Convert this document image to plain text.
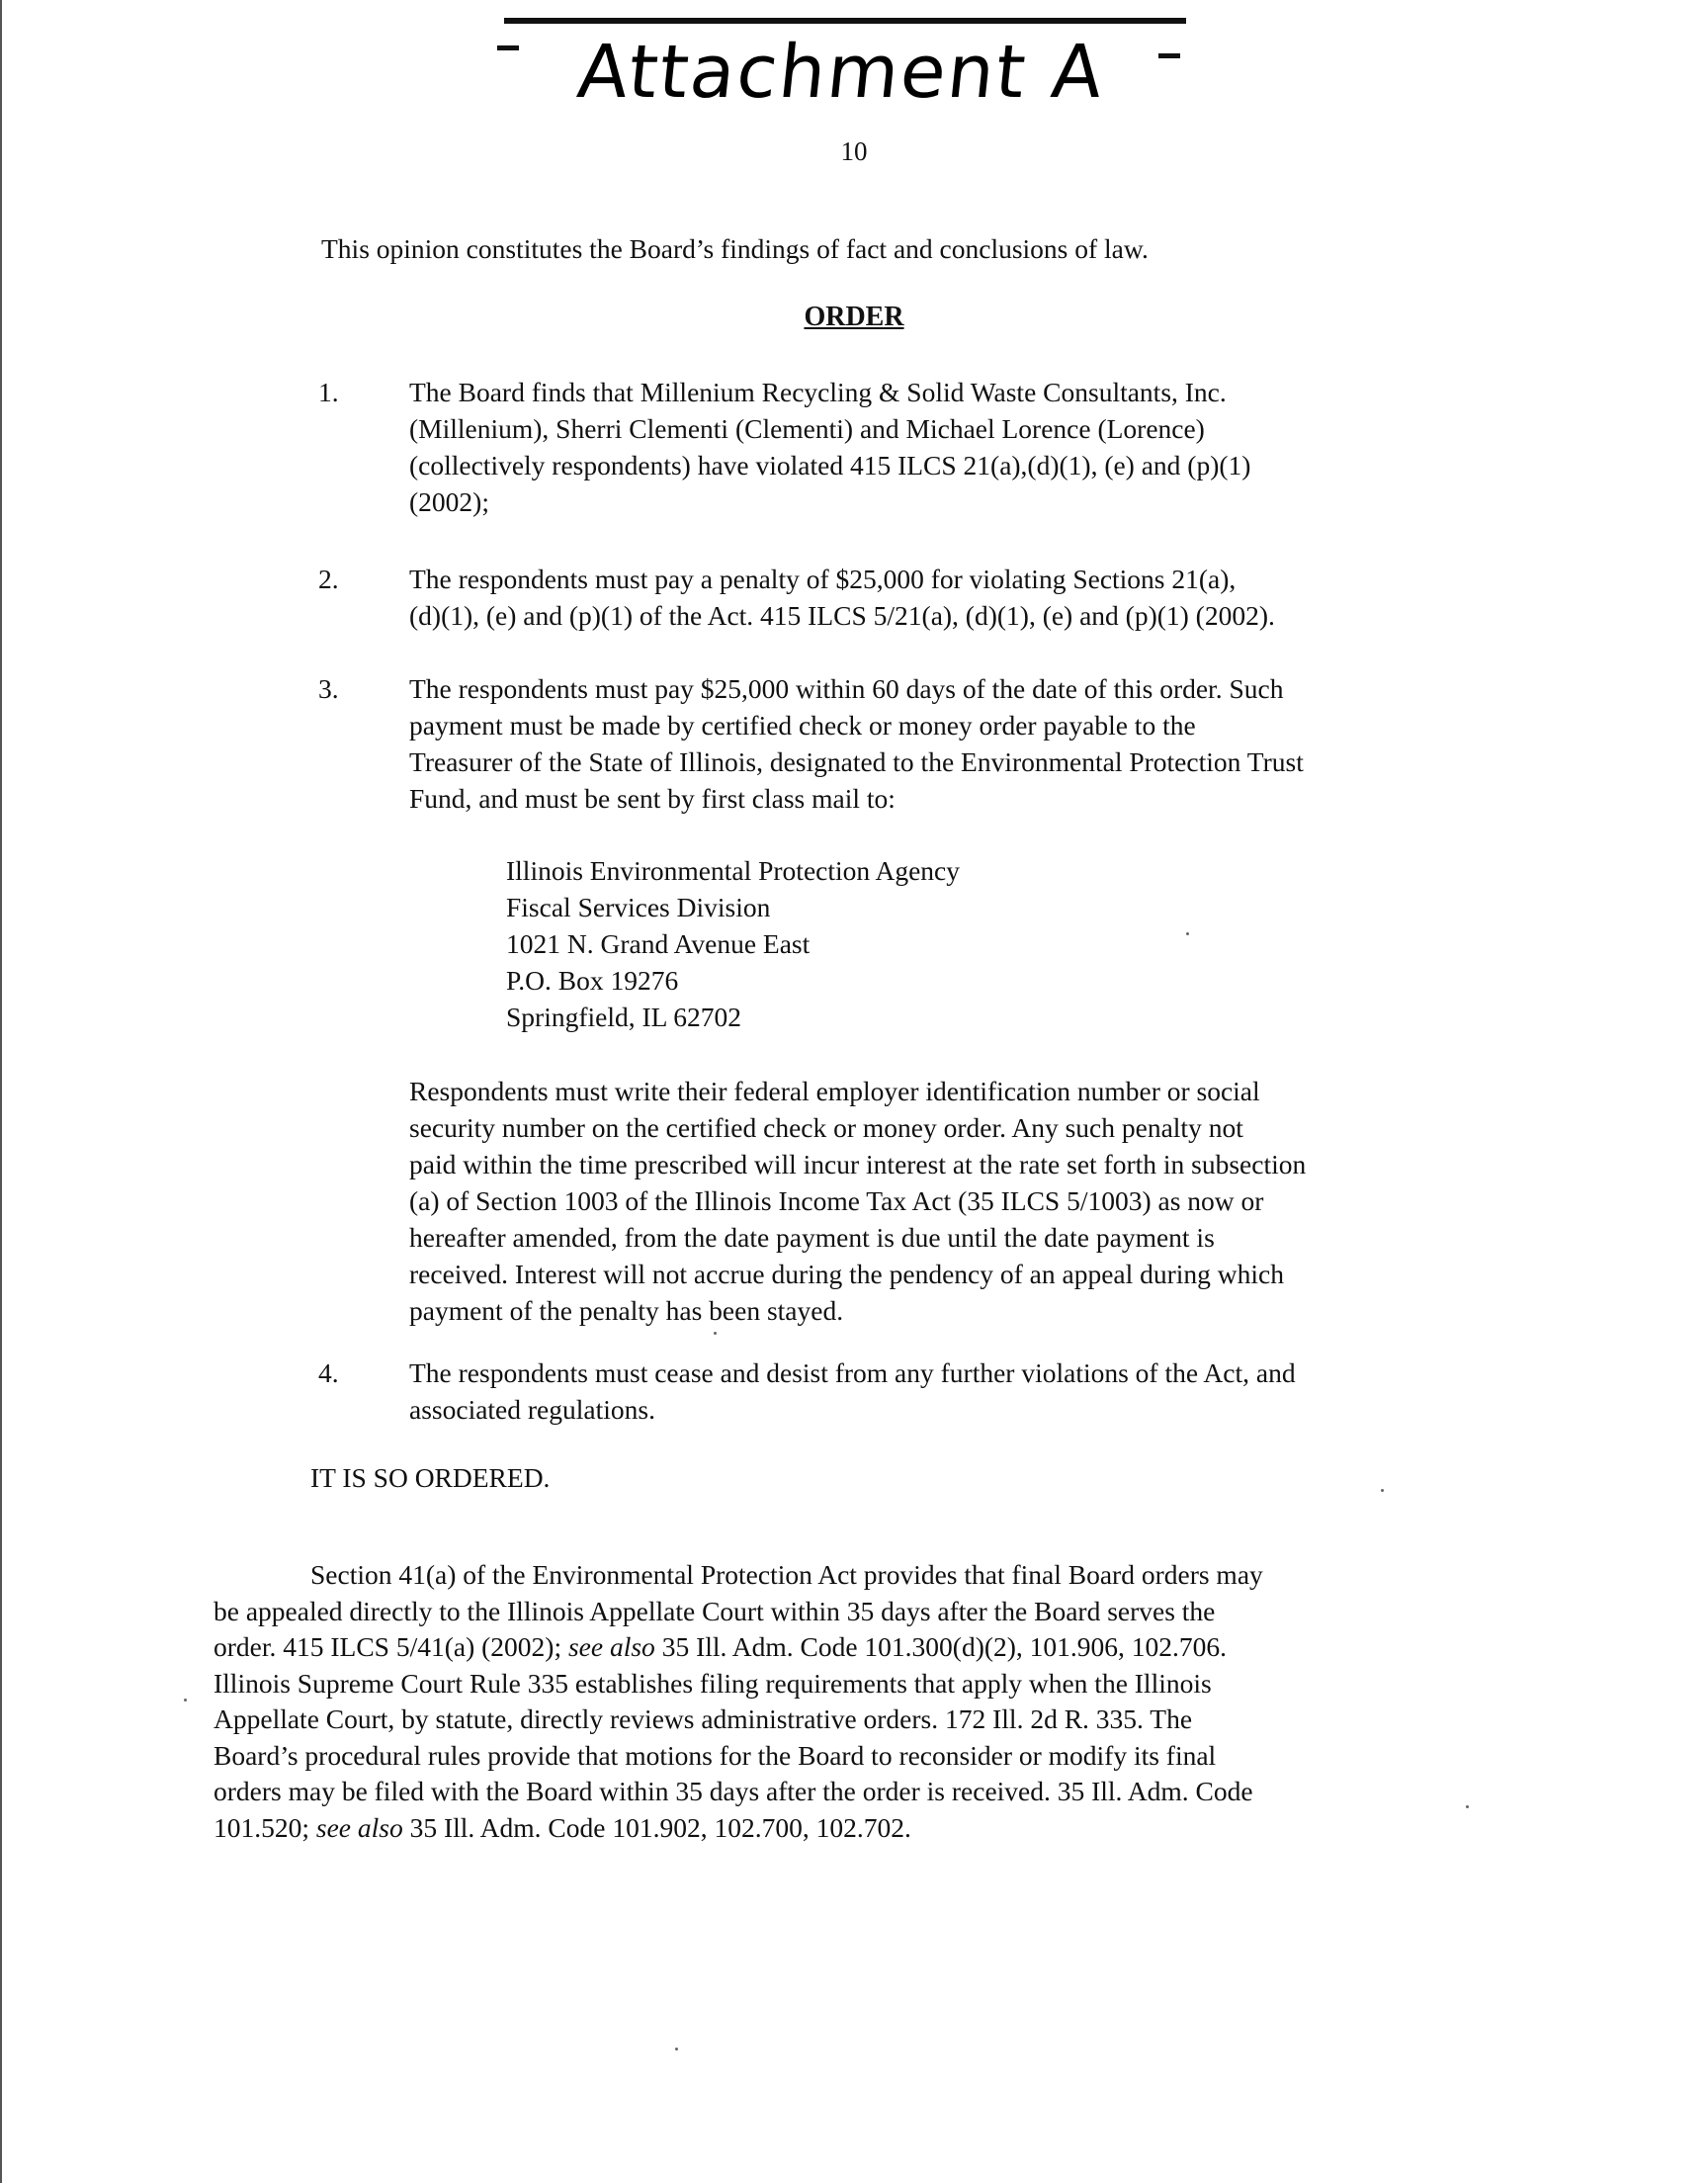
Attachment A
10
This opinion constitutes the Board’s findings of fact and conclusions of law.
ORDER
1.	The Board finds that Millenium Recycling & Solid Waste Consultants, Inc.
(Millenium), Sherri Clementi (Clementi) and Michael Lorence (Lorence)
(collectively respondents) have violated 415 ILCS 21(a),(d)(1), (e) and (p)(1)
(2002);
2.	The respondents must pay a penalty of $25,000 for violating Sections 21(a),
(d)(1), (e) and (p)(1) of the Act. 415 ILCS 5/21(a), (d)(1), (e) and (p)(1) (2002).
3.	The respondents must pay $25,000 within 60 days of the date of this order. Such
payment must be made by certified check or money order payable to the
Treasurer of the State of Illinois, designated to the Environmental Protection Trust
Fund, and must be sent by first class mail to:
Illinois Environmental Protection Agency
Fiscal Services Division
1021 N. Grand Avenue East
P.O. Box 19276
Springfield, IL 62702
Respondents must write their federal employer identification number or social
security number on the certified check or money order. Any such penalty not
paid within the time prescribed will incur interest at the rate set forth in subsection
(a) of Section 1003 of the Illinois Income Tax Act (35 ILCS 5/1003) as now or
hereafter amended, from the date payment is due until the date payment is
received. Interest will not accrue during the pendency of an appeal during which
payment of the penalty has been stayed.
4.	The respondents must cease and desist from any further violations of the Act, and
associated regulations.
IT IS SO ORDERED.
Section 41(a) of the Environmental Protection Act provides that final Board orders may
be appealed directly to the Illinois Appellate Court within 35 days after the Board serves the
order. 415 ILCS 5/41(a) (2002); see also 35 Ill. Adm. Code 101.300(d)(2), 101.906, 102.706.
Illinois Supreme Court Rule 335 establishes filing requirements that apply when the Illinois
Appellate Court, by statute, directly reviews administrative orders. 172 Ill. 2d R. 335. The
Board’s procedural rules provide that motions for the Board to reconsider or modify its final
orders may be filed with the Board within 35 days after the order is received. 35 Ill. Adm. Code
101.520; see also 35 Ill. Adm. Code 101.902, 102.700, 102.702.
